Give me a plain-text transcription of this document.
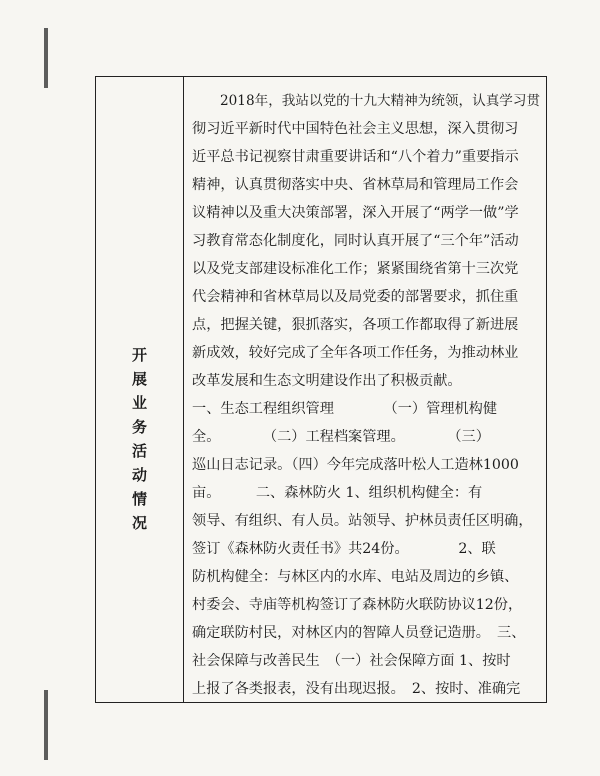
开
展
业
务
活
动
情
况
2018年，我站以党的十九大精神为统领，认真学习贯
彻习近平新时代中国特色社会主义思想，深入贯彻习
近平总书记视察甘肃重要讲话和“八个着力”重要指示
精神，认真贯彻落实中央、省林草局和管理局工作会
议精神以及重大决策部署，深入开展了“两学一做”学
习教育常态化制度化，同时认真开展了“三个年”活动
以及党支部建设标准化工作；紧紧围绕省第十三次党
代会精神和省林草局以及局党委的部署要求，抓住重
点，把握关键，狠抓落实，各项工作都取得了新进展
新成效，较好完成了全年各项工作任务，为推动林业
改革发展和生态文明建设作出了积极贡献。
一、生态工程组织管理　　　　（一）管理机构健
全。　　　　（二）工程档案管理。　　　　（三）
巡山日志记录。（四）今年完成落叶松人工造林1000
亩。　　　二、森林防火 1、组织机构健全：有
领导、有组织、有人员。站领导、护林员责任区明确，
签订《森林防火责任书》共24份。　　　　2、联
防机构健全：与林区内的水库、电站及周边的乡镇、
村委会、寺庙等机构签订了森林防火联防协议12份，
确定联防村民，对林区内的智障人员登记造册。　三、
社会保障与改善民生　（一）社会保障方面 1、按时
上报了各类报表，没有出现迟报。　2、按时、准确完
